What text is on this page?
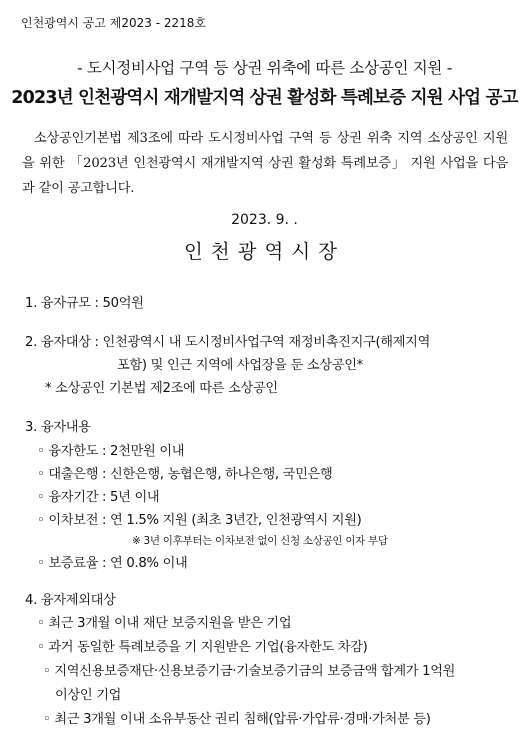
인천광역시 공고 제2023 - 2218호
- 도시정비사업 구역 등 상권 위축에 따른 소상공인 지원 -
2023년 인천광역시 재개발지역 상권 활성화 특례보증 지원 사업 공고
소상공인기본법 제3조에 따라 도시정비사업 구역 등 상권 위축 지역 소상공인 지원을 위한 「2023년 인천광역시 재개발지역 상권 활성화 특례보증」 지원 사업을 다음과 같이 공고합니다.
2023. 9. .
인천광역시장
1. 융자규모 : 50억원
2. 융자대상 : 인천광역시 내 도시정비사업구역 재정비촉진지구(해제지역
포함) 및 인근 지역에 사업장을 둔 소상공인*
* 소상공인 기본법 제2조에 따른 소상공인
3. 융자내용
◦ 융자한도 : 2천만원 이내
◦ 대출은행 : 신한은행, 농협은행, 하나은행, 국민은행
◦ 융자기간 : 5년 이내
◦ 이차보전 : 연 1.5% 지원 (최초 3년간, 인천광역시 지원)
※ 3년 이후부터는 이차보전 없이 신청 소상공인 이자 부담
◦ 보증료율 : 연 0.8% 이내
4. 융자제외대상
◦ 최근 3개월 이내 재단 보증지원을 받은 기업
◦ 과거 동일한 특례보증을 기 지원받은 기업(융자한도 차감)
◦ 지역신용보증재단·신용보증기금·기술보증기금의 보증금액 합계가 1억원
이상인 기업
◦ 최근 3개월 이내 소유부동산 권리 침해(압류·가압류·경매·가처분 등)
